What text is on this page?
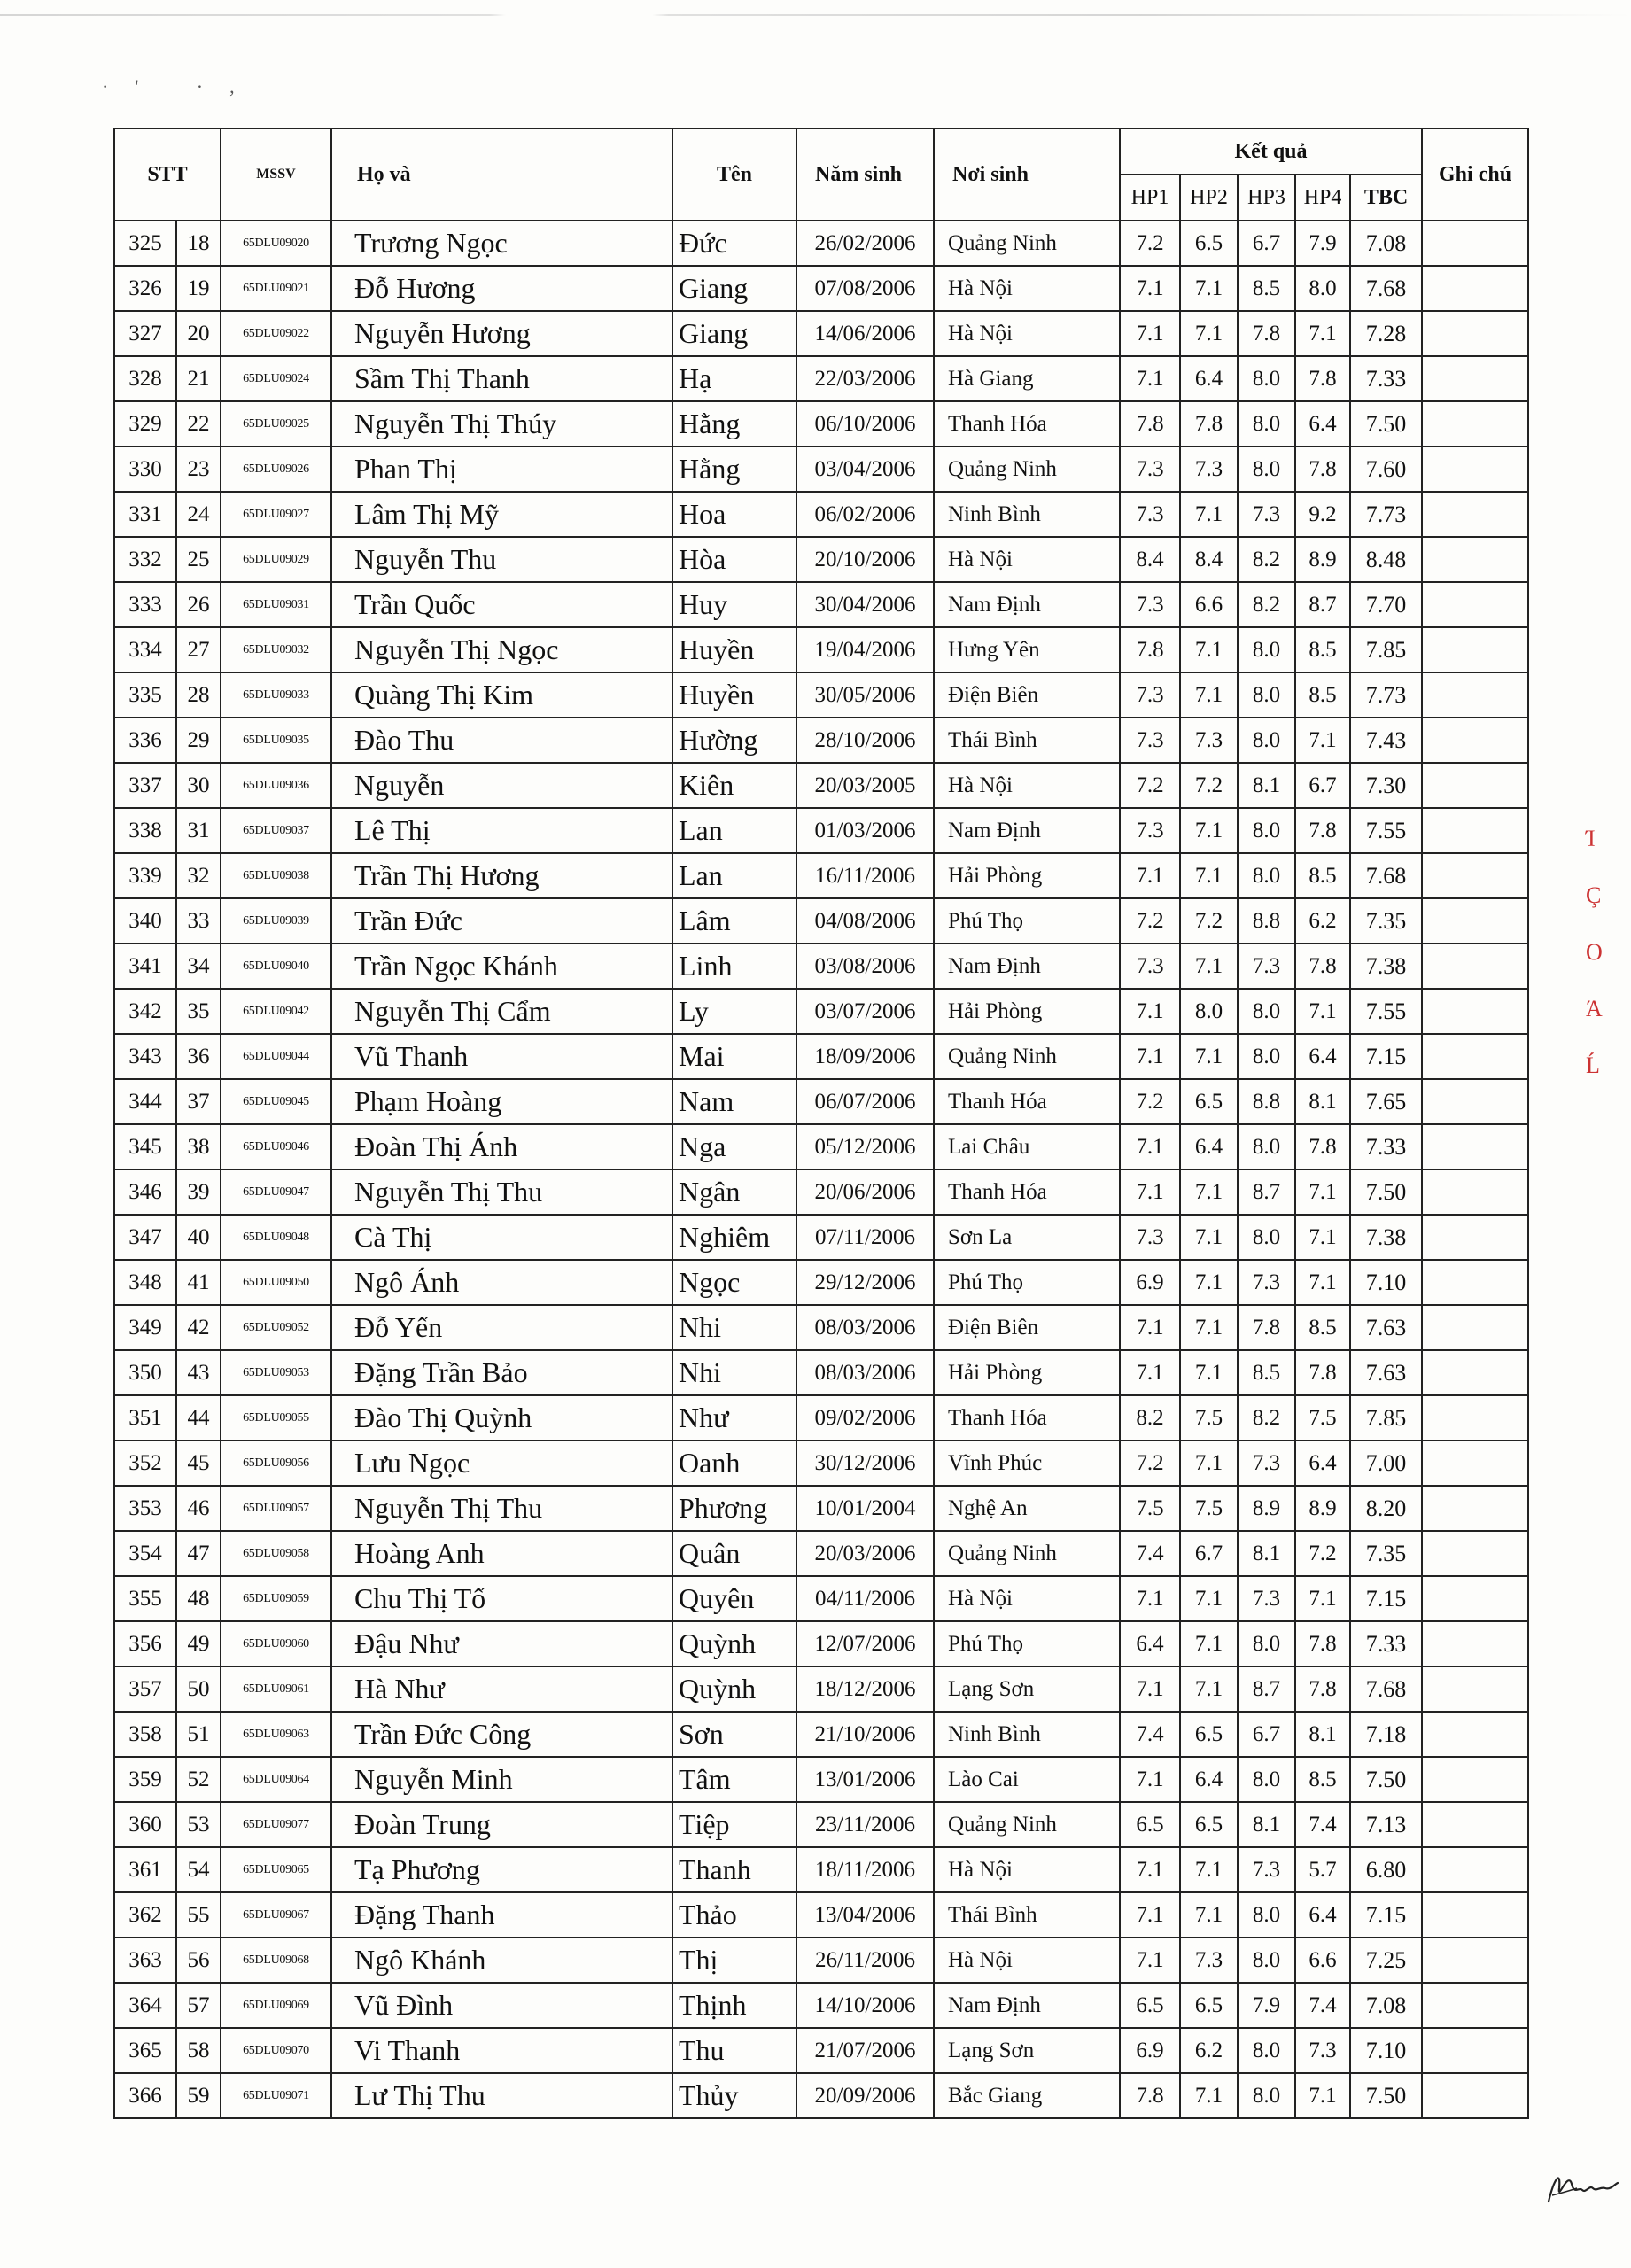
·' ·,
STT		MSSV	Họ và	Tên	Năm sinh	Nơi sinh	Kết quả					Ghi chú
							HP1	HP2	HP3	HP4	TBC	
325	18	65DLU09020	Trương Ngọc	Đức	26/02/2006	Quảng Ninh	7.2	6.5	6.7	7.9	7.08	
326	19	65DLU09021	Đỗ Hương	Giang	07/08/2006	Hà Nội	7.1	7.1	8.5	8.0	7.68	
327	20	65DLU09022	Nguyễn Hương	Giang	14/06/2006	Hà Nội	7.1	7.1	7.8	7.1	7.28	
328	21	65DLU09024	Sầm Thị Thanh	Hạ	22/03/2006	Hà Giang	7.1	6.4	8.0	7.8	7.33	
329	22	65DLU09025	Nguyễn Thị Thúy	Hằng	06/10/2006	Thanh Hóa	7.8	7.8	8.0	6.4	7.50	
330	23	65DLU09026	Phan Thị	Hằng	03/04/2006	Quảng Ninh	7.3	7.3	8.0	7.8	7.60	
331	24	65DLU09027	Lâm Thị Mỹ	Hoa	06/02/2006	Ninh Bình	7.3	7.1	7.3	9.2	7.73	
332	25	65DLU09029	Nguyễn Thu	Hòa	20/10/2006	Hà Nội	8.4	8.4	8.2	8.9	8.48	
333	26	65DLU09031	Trần Quốc	Huy	30/04/2006	Nam Định	7.3	6.6	8.2	8.7	7.70	
334	27	65DLU09032	Nguyễn Thị Ngọc	Huyền	19/04/2006	Hưng Yên	7.8	7.1	8.0	8.5	7.85	
335	28	65DLU09033	Quàng Thị Kim	Huyền	30/05/2006	Điện Biên	7.3	7.1	8.0	8.5	7.73	
336	29	65DLU09035	Đào Thu	Hường	28/10/2006	Thái Bình	7.3	7.3	8.0	7.1	7.43	
337	30	65DLU09036	Nguyễn	Kiên	20/03/2005	Hà Nội	7.2	7.2	8.1	6.7	7.30	
338	31	65DLU09037	Lê Thị	Lan	01/03/2006	Nam Định	7.3	7.1	8.0	7.8	7.55	
339	32	65DLU09038	Trần Thị Hương	Lan	16/11/2006	Hải Phòng	7.1	7.1	8.0	8.5	7.68	
340	33	65DLU09039	Trần Đức	Lâm	04/08/2006	Phú Thọ	7.2	7.2	8.8	6.2	7.35	
341	34	65DLU09040	Trần Ngọc Khánh	Linh	03/08/2006	Nam Định	7.3	7.1	7.3	7.8	7.38	
342	35	65DLU09042	Nguyễn Thị Cẩm	Ly	03/07/2006	Hải Phòng	7.1	8.0	8.0	7.1	7.55	
343	36	65DLU09044	Vũ Thanh	Mai	18/09/2006	Quảng Ninh	7.1	7.1	8.0	6.4	7.15	
344	37	65DLU09045	Phạm Hoàng	Nam	06/07/2006	Thanh Hóa	7.2	6.5	8.8	8.1	7.65	
345	38	65DLU09046	Đoàn Thị Ánh	Nga	05/12/2006	Lai Châu	7.1	6.4	8.0	7.8	7.33	
346	39	65DLU09047	Nguyễn Thị Thu	Ngân	20/06/2006	Thanh Hóa	7.1	7.1	8.7	7.1	7.50	
347	40	65DLU09048	Cà Thị	Nghiêm	07/11/2006	Sơn La	7.3	7.1	8.0	7.1	7.38	
348	41	65DLU09050	Ngô Ánh	Ngọc	29/12/2006	Phú Thọ	6.9	7.1	7.3	7.1	7.10	
349	42	65DLU09052	Đỗ Yến	Nhi	08/03/2006	Điện Biên	7.1	7.1	7.8	8.5	7.63	
350	43	65DLU09053	Đặng Trần Bảo	Nhi	08/03/2006	Hải Phòng	7.1	7.1	8.5	7.8	7.63	
351	44	65DLU09055	Đào Thị Quỳnh	Như	09/02/2006	Thanh Hóa	8.2	7.5	8.2	7.5	7.85	
352	45	65DLU09056	Lưu Ngọc	Oanh	30/12/2006	Vĩnh Phúc	7.2	7.1	7.3	6.4	7.00	
353	46	65DLU09057	Nguyễn Thị Thu	Phương	10/01/2004	Nghệ An	7.5	7.5	8.9	8.9	8.20	
354	47	65DLU09058	Hoàng Anh	Quân	20/03/2006	Quảng Ninh	7.4	6.7	8.1	7.2	7.35	
355	48	65DLU09059	Chu Thị Tố	Quyên	04/11/2006	Hà Nội	7.1	7.1	7.3	7.1	7.15	
356	49	65DLU09060	Đậu Như	Quỳnh	12/07/2006	Phú Thọ	6.4	7.1	8.0	7.8	7.33	
357	50	65DLU09061	Hà Như	Quỳnh	18/12/2006	Lạng Sơn	7.1	7.1	8.7	7.8	7.68	
358	51	65DLU09063	Trần Đức Công	Sơn	21/10/2006	Ninh Bình	7.4	6.5	6.7	8.1	7.18	
359	52	65DLU09064	Nguyễn Minh	Tâm	13/01/2006	Lào Cai	7.1	6.4	8.0	8.5	7.50	
360	53	65DLU09077	Đoàn Trung	Tiệp	23/11/2006	Quảng Ninh	6.5	6.5	8.1	7.4	7.13	
361	54	65DLU09065	Tạ Phương	Thanh	18/11/2006	Hà Nội	7.1	7.1	7.3	5.7	6.80	
362	55	65DLU09067	Đặng Thanh	Thảo	13/04/2006	Thái Bình	7.1	7.1	8.0	6.4	7.15	
363	56	65DLU09068	Ngô Khánh	Thị	26/11/2006	Hà Nội	7.1	7.3	8.0	6.6	7.25	
364	57	65DLU09069	Vũ Đình	Thịnh	14/10/2006	Nam Định	6.5	6.5	7.9	7.4	7.08	
365	58	65DLU09070	Vi Thanh	Thu	21/07/2006	Lạng Sơn	6.9	6.2	8.0	7.3	7.10	
366	59	65DLU09071	Lư Thị Thu	Thủy	20/09/2006	Bắc Giang	7.8	7.1	8.0	7.1	7.50	
Ί
Ç
Ο
Ά
Ĺ
